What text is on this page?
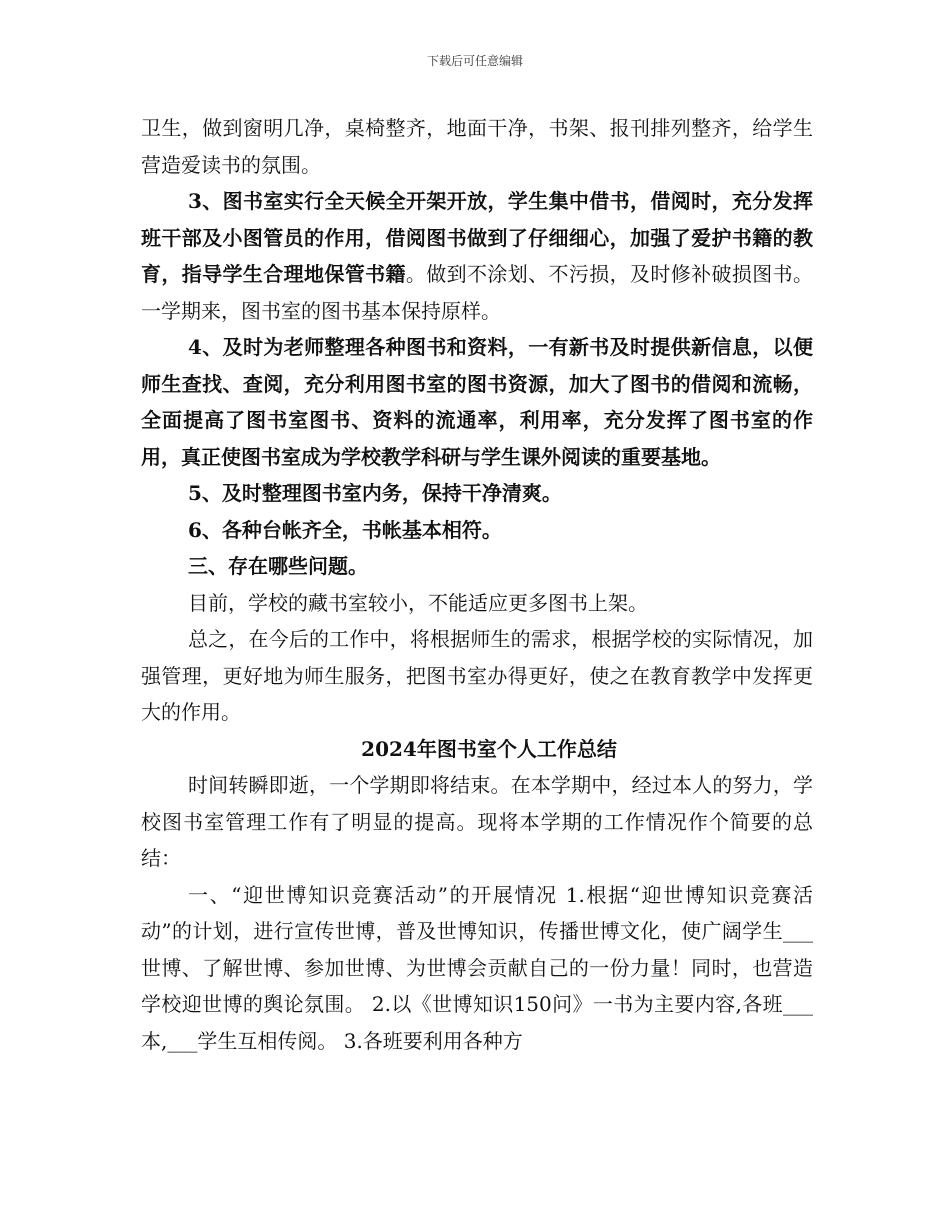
下载后可任意编辑

卫生，做到窗明几净，桌椅整齐，地面干净，书架、报刊排列整齐，给学生营造爱读书的氛围。

3、图书室实行全天候全开架开放，学生集中借书，借阅时，充分发挥班干部及小图管员的作用，借阅图书做到了仔细细心，加强了爱护书籍的教育，指导学生合理地保管书籍。做到不涂划、不污损，及时修补破损图书。一学期来，图书室的图书基本保持原样。

4、及时为老师整理各种图书和资料，一有新书及时提供新信息，以便师生查找、查阅，充分利用图书室的图书资源，加大了图书的借阅和流畅，全面提高了图书室图书、资料的流通率，利用率，充分发挥了图书室的作用，真正使图书室成为学校教学科研与学生课外阅读的重要基地。

5、及时整理图书室内务，保持干净清爽。

6、各种台帐齐全，书帐基本相符。

三、存在哪些问题。

目前，学校的藏书室较小，不能适应更多图书上架。

总之，在今后的工作中，将根据师生的需求，根据学校的实际情况，加强管理，更好地为师生服务，把图书室办得更好，使之在教育教学中发挥更大的作用。

2024年图书室个人工作总结

时间转瞬即逝，一个学期即将结束。在本学期中，经过本人的努力，学校图书室管理工作有了明显的提高。现将本学期的工作情况作个简要的总结：

一、“迎世博知识竞赛活动”的开展情况 1.根据“迎世博知识竞赛活动”的计划，进行宣传世博，普及世博知识，传播世博文化，使广阔学生___世博、了解世博、参加世博、为世博会贡献自己的一份力量！同时，也营造学校迎世博的舆论氛围。 2.以《世博知识150问》一书为主要内容,各班___本,___学生互相传阅。 3.各班要利用各种方
